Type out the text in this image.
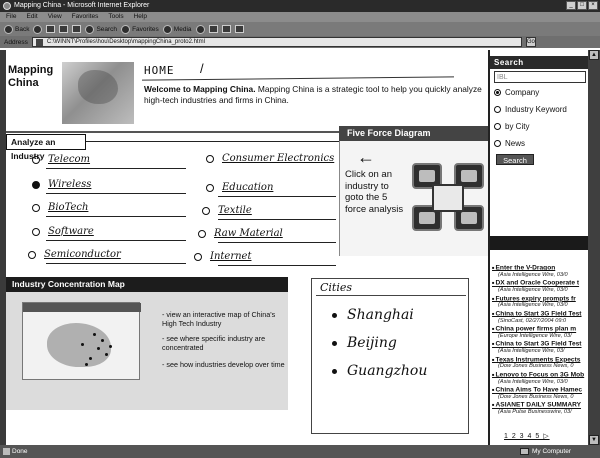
Mapping China - Microsoft Internet Explorer	_	□	×
File Edit View Favorites Tools Help
Back	Search Favorites Media
Address	C:\WINNT\Profiles\hou\Desktop\mappingChina_proto2.html	Go
Mapping
China
HOME /
Welcome to Mapping China. Mapping China is a strategic tool to help you quickly analyze high-tech industries and firms in China.
Analyze an Industry Telecom
Wireless
BioTech
Software
Semiconductor
Consumer Electronics
Education
Textile
Raw Material
Internet
Five Force Diagram
←
Click on an industry to goto the 5 force analysis
Industry Concentration Map
- view an interactive map of China's High Tech Industry
- see where specific industry are concentrated
- see how industries develop over time
Cities
Shanghai
Beijing
Guangzhou
Search
IBL
Company
Industry Keyword
by City
News
Search
■ Enter the V-Dragon
(Asia Intelligence Wire, 03/0
■ DX and Oracle Cooperate t
(Asia Intelligence Wire, 03/0
■ Futures expiry prompts fr
(Asia Intelligence Wire, 03/0
■ China to Start 3G Field Test
(SinoCast, 02/27/2004 09:0
■ China power firms plan m
(Europe Intelligence Wire, 03/
■ China to Start 3G Field Test
(Asia Intelligence Wire, 03/
■ Texas Instruments Expects
(Dow Jones Business News, 0
■ Lenovo to Focus on 3G Mob
(Asia Intelligence Wire, 03/0
■ China Aims To Have Hamec
(Dow Jones Business News, 0
■ ASIANET DAILY SUMMARY
(Asia Pulse Businesswire, 03/
1 2 3 4 5 ▷
▲
▼
Done	My Computer
